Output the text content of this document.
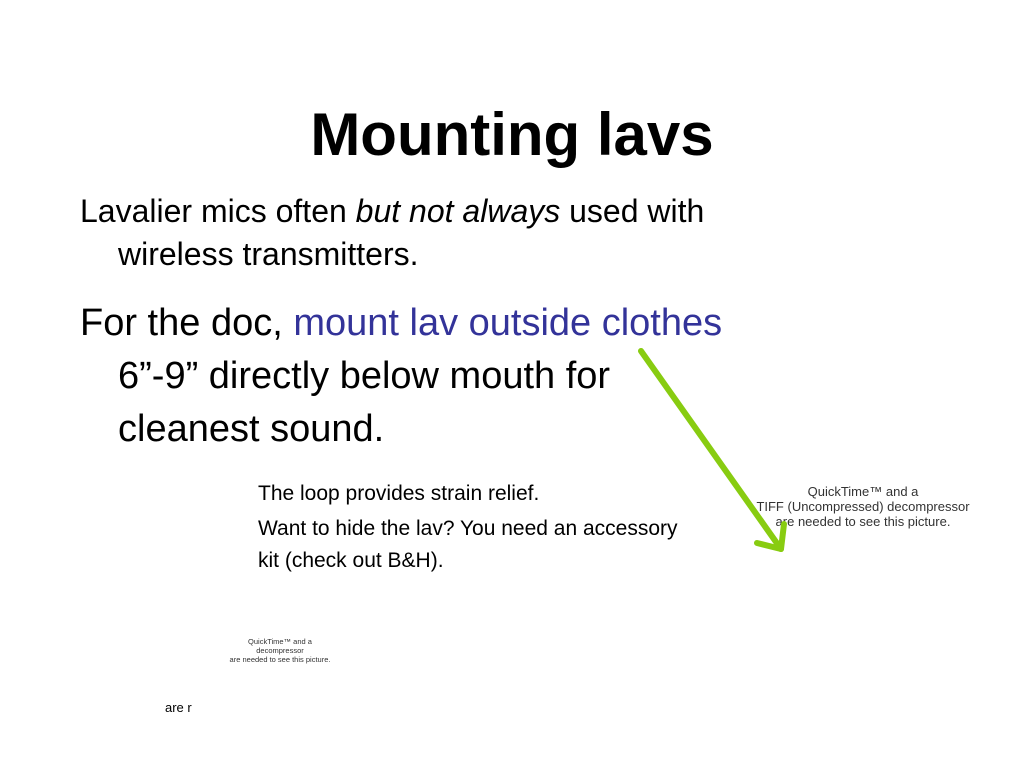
Mounting lavs
Lavalier mics often but not always used with wireless transmitters.
For the doc, mount lav outside clothes 6”-9” directly below mouth for cleanest sound.

The loop provides strain relief.

Want to hide the lav? You need an accessory kit (check out B&H).

QuickTime™ and a
TIFF (Uncompressed) decompressor
are needed to see this picture.
QuickTime™ and a
decompressor
are needed to see this picture.
are r
